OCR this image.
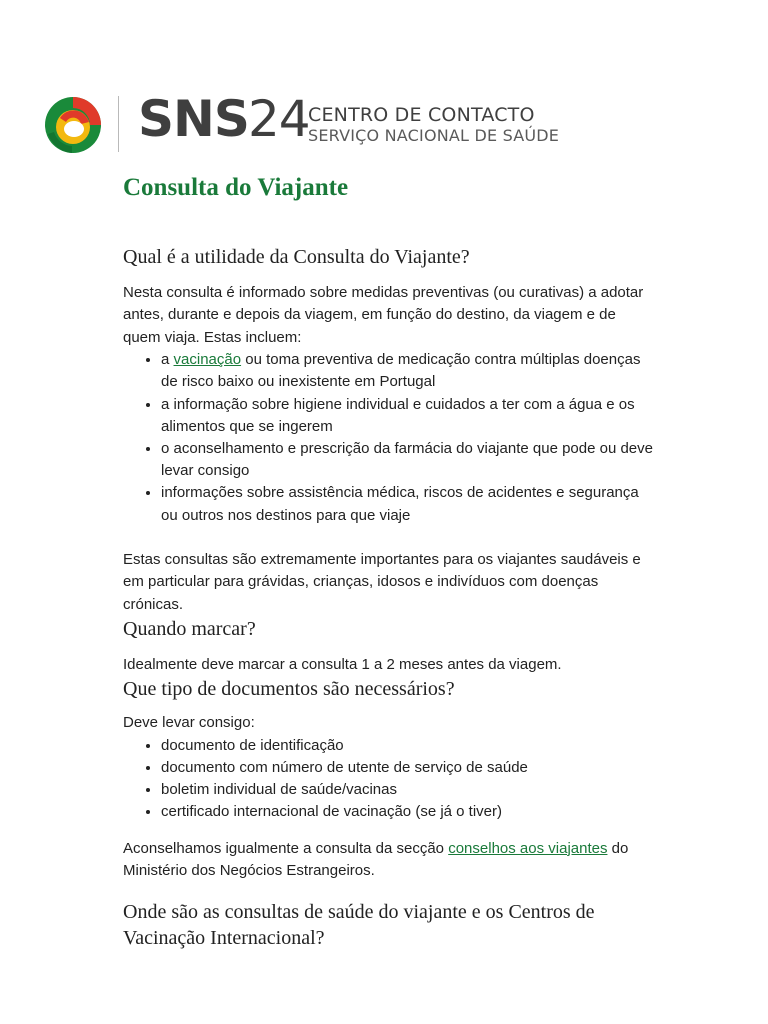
SNS 24
CENTRO DE CONTACTO
SERVIÇO NACIONAL DE SAÚDE
Consulta do Viajante
Qual é a utilidade da Consulta do Viajante?

Nesta consulta é informado sobre medidas preventivas (ou curativas) a adotar antes, durante e depois da viagem, em função do destino, da viagem e de quem viaja. Estas incluem:

• a vacinação ou toma preventiva de medicação contra múltiplas doenças de risco baixo ou inexistente em Portugal
• a informação sobre higiene individual e cuidados a ter com a água e os alimentos que se ingerem
• o aconselhamento e prescrição da farmácia do viajante que pode ou deve levar consigo
• informações sobre assistência médica, riscos de acidentes e segurança ou outros nos destinos para que viaje

Estas consultas são extremamente importantes para os viajantes saudáveis e em particular para grávidas, crianças, idosos e indivíduos com doenças crónicas.

Quando marcar?

Idealmente deve marcar a consulta 1 a 2 meses antes da viagem.

Que tipo de documentos são necessários?

Deve levar consigo:

• documento de identificação
• documento com número de utente de serviço de saúde
• boletim individual de saúde/vacinas
• certificado internacional de vacinação (se já o tiver)

Aconselhamos igualmente a consulta da secção conselhos aos viajantes do Ministério dos Negócios Estrangeiros.

Onde são as consultas de saúde do viajante e os Centros de Vacinação Internacional?
